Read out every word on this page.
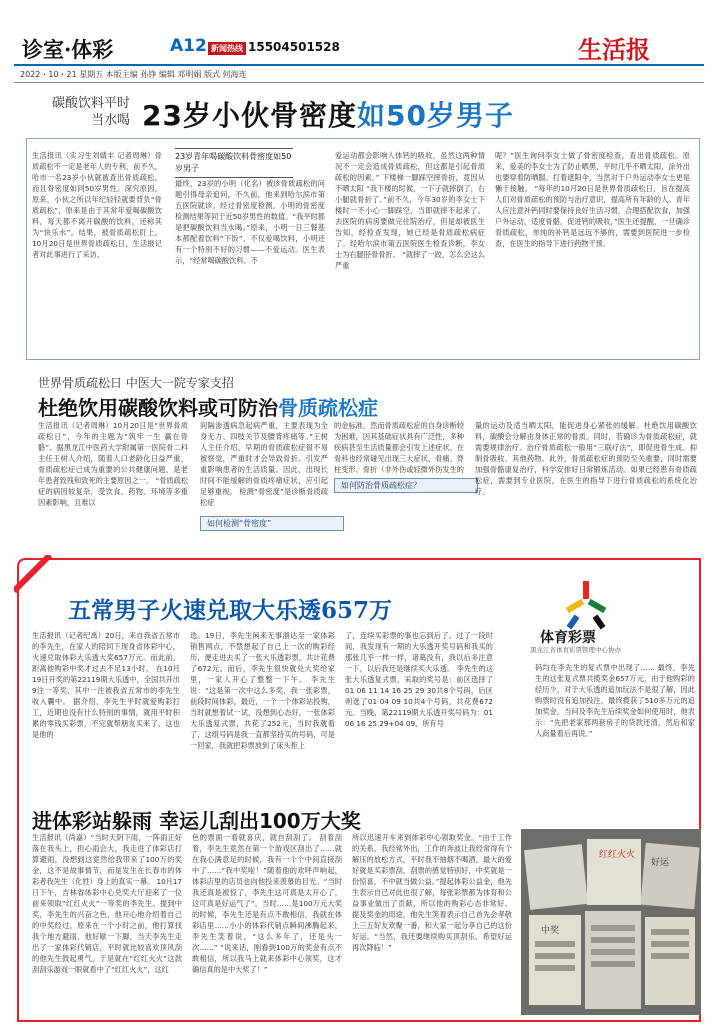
诊室·体彩	A12 新闻热线 15504501528	生活报
2022・10・21 星期五 本版主编 孙铮 编辑 邓明娟 版式 何海连
碳酸饮料平时当水喝 23岁小伙骨密度如50岁男子
23岁青年喝碳酸饮料骨密度如50岁男子
生活报讯（实习生刘婧丰 记者周琳）骨质疏松不一定是老年人的专利，前不久，哈市一名23岁小伙就被查出骨质疏松，而且骨密度如同50岁男性。深究原因，原来，小伙之所以年纪轻轻就要背负“骨质疏松”，原来是由于其常年爱喝碳酸饮料，每天都不离开碳酸的饮料，还称其为“快乐水”。结果，被骨质疏松盯上。10月20日是世界骨质疏松日，生活报记者对此事进行了采访。
最终，23岁的小明（化名）被诊骨质疏松的问题引得母亲追问，不久前，他来到哈尔滨市第五医院就诊。经过骨密度检测，小明的骨密度检测结果等同于近50岁男性的数值。“我平时都是把碳酸饮料当水喝。”原来，小明一日三餐基本都配着饮料“下饭”，不仅爱喝饮料，小明还有一个特别不好的习惯——不爱运动。医生表示，“经常喝碳酸饮料、不
爱运动都会影响人体钙的吸收，虽然这两种情况不一定会造成骨质疏松，但这都是引起骨质疏松的因素。” 下楼梯一脚踩空摔骨折，竟因从不晒太阳 “我下楼的时候，一下子就摔倒了，右小腿就骨折了。”前不久，今年30岁的李女士下楼时一不小心一脚踩空，当即就摔不起来了。去医院的病房要做完住院治疗，但是却被医生告知，经检查发现，她已经是骨质疏松病症了。经哈尔滨市第五医院医生检查诊断，李女士为右腿胫骨骨折。 “就摔了一跤，怎么会这么严重
呢？”医生询问李女士做了骨密度检查，查出骨质疏松。原来，爱美的李女士为了防止晒黑，平时几乎不晒太阳，涂外出也要穿着防晒服、打着遮阳伞，当然对于户外运动李女士更是懒于接触。 “每年的10月20日是世界骨质疏松日，旨在提高人们对骨质疏松的预防与治疗意识，提高所有年龄的人。青年人应注意补钙同时要保持良好生活习惯，合理搭配饮食，加强户外运动，适度骨骼，促进钙的吸收，”医生还提醒，一旦确诊骨质疏松，单纯的补钙是远远不够的，需要到医院进一步检查，在医生的指导下进行药物干预。
世界骨质疏松日 中医大一院专家支招
杜绝饮用碳酸饮料或可防治骨质疏松症
生活报讯（记者周琳）10月20日是“世界骨质疏松日”，今年的主题为“筑牢一生 赢在骨骼”。据黑龙江中医药大学附属第一医院骨二科主任王树人介绍，随着人口老龄化日益严重，骨质疏松症已成为重要的公共健康问题，是老年患者致残和致死的主要原因之一。 “骨质疏松症的病因较复杂，受饮食、药物、环境等多重因素影响，且难以
间隔渗透病急起病严重，主要表现为全身无力、四肢关节及腰背疼痛等。”王树人主任介绍，早期的骨质疏松症很不易被察觉，严重时才会导致骨折。引发严重影响患者的生活质量。因此，出现长时间不能缓解的骨质疼痛症状，应引起足够重视。 检测“骨密度”是诊断骨质疏松症
如何检测“骨密度”
的金标准，然而骨质疏松症的自身诊断较为困难，因其基础症状具有广泛性，多种疾病甚至生活质量都会引发上述症状。在骨科也经常碰见出现三大症状，骨痛、脊柱变形、骨折（非外伤或轻微外伤发生的
如何防治骨质疏松症？
量的运动及适当晒太阳，能促进身心紧张的缓解。杜绝饮用碳酸饮料，碳酸会分解由身体正常的骨质。同时，若确诊为骨质疏松症，就需要规律治疗。治疗骨质疏松一般用“三联疗法”，即促进骨生成、抑制骨吸收、其他药物。此外，骨质疏松症的预防至关重要，同时需要加强骨骼康复治疗，科学安排好日常锻炼活动。如果已经患有骨质疏松症，需要到专业医院，在医生的指导下进行骨质疏松的系统化治疗。
五常男子火速兑取大乐透657万
体育彩票
黑龙江省体育彩票管理中心协办
生活报讯（记者纪禹）20日，来自我省五常市的李先生，在家人的陪同下现身省体彩中心，火速兑取体彩大乐透大奖657万元。而此前，距离他购彩中奖才过去不足13小时。 在10月19日开奖的第22119期大乐透中，全国共开出9注一等奖，其中一注被我省五常市的李先生收入囊中。 据介绍，李先生平时就爱购彩打工，近期也没有什么特别的事情，就用平时积累的零钱买彩票，不完就帮朋友买来了，这也是他的
选。19日，李先生闲来无事溜达至一家体彩销售网点，不禁想起了自己上一次的购彩经历，便走进去买了一张大乐透彩票，共计花费了672元。而后，李先生很快就兑大奖给家里，一家人开心了整整一下午。 李先生说：“这是第一次中这么多奖，我一张彩票，前段时间体彩，最近，一个一个体彩站投购，当时就想着试一试，没想到心态好，一张体彩大乐透复式票，共花了252元，当时我就看了，这组号码是我一直都坚持买的号码，可是一回家，我就把彩票放到了床头柜上
了，连续买彩票的事也忘到后了。过了一段时间，我发现有一期的大乐透开奖号码和我买的那张几乎一样一样，诸葛没有，我以后多注意一下，以后我还是继续买大乐透。 李先生的这张大乐透复式票，采取的奖号是：前区选择了01 06 11 14 16 25 29 30共8个号码，后区则选了01 04 09 10共4个号码，共花费672元。当晚，第22119期大乐透开奖号码为：01 06 16 25 29+04 09，所有号
码均在李先生的复式票中出现了…… 最终，李先生的这张复式票共揽奖金657万元，由于他购彩的经历少，对于大乐透的追加玩法不是很了解，因此购票时没有追加投注，最终揽获了510多万元的追加奖金。当问及李先生后续奖金如何使用时，他表示：“先把老家那两套房子的贷款还清，然后和家人商量着后再说。”
进体彩站躲雨 幸运儿刮出100万大奖
生活报讯（尚嘉）“当时天阴下雨，一阵雨正好落在我头上，担心雨会大，我走进了体彩店打算避雨，没想到这竟然给我带来了100万的奖金，这不是故事情节，而是发生在长春市的体彩者我先生（化姓）身上的真实一幕。 10月17日下午，吉林省体彩中心兑奖大厅迎来了一位前来领取“红红火火”一等奖的李先生。提到中奖，李先生的兴奋之色，他开心地介绍着自己的中奖经过。原来在一个小时之前，他打算找我个地方避雨，他好歇一下脚，当天李先生走出了一家体彩代销店，平时就比较喜欢顶风刮的他先生鼓起勇气，于是就在“红红火火”这款刮刮乐游戏一眼就看中了“红红火火”，这红
色的票面一看就喜庆，就自刮刮了。 刮着刮着，李先生竟然在第一个游戏区刮出了……就在我心满意足的时候，我有一个个中间直接刮中了……“我中奖啦！”随着他的欢呼声响起，体彩店里的店员也向他投来羡慕的目光。“当时我还真是被惊了，李先生这可真是太开心了，这可真是好运气了”。当时……是100万元大奖的时候，李先生还是有点不敢相信，我就在体彩店里……小小的体彩代销点瞬间沸腾起来，李先生笑着说，“这么多年了，还是头一次……” “说来话，刚看到100万的奖金有点不敢相信，所以我马上就来体彩中心领奖，这才确信真的是中大奖了！”
所以迅速开车来到体彩中心领取奖金。“由于工作的关系，我经常外出，工作的奔波让我经常得有个解压的放松方式，平时我不抽烟不喝酒，最大的爱好就是买彩票刮，刮票的感觉特别好，中奖就是一份惊喜，不中就当做公益。”提起体彩公益金，他先生表示自己对此也很了解，每张彩票都为体育和公益事业做出了贡献，所以他的购彩心态非常好。 提及奖金的用途，他先生笑着表示自己首先会孝敬上三五好友欢聚一番，和大家一起分享自己的这份好运。“当然，我还要继续购买顶刮乐，希望好运再次降临！”
红红火火
好运
中奖
